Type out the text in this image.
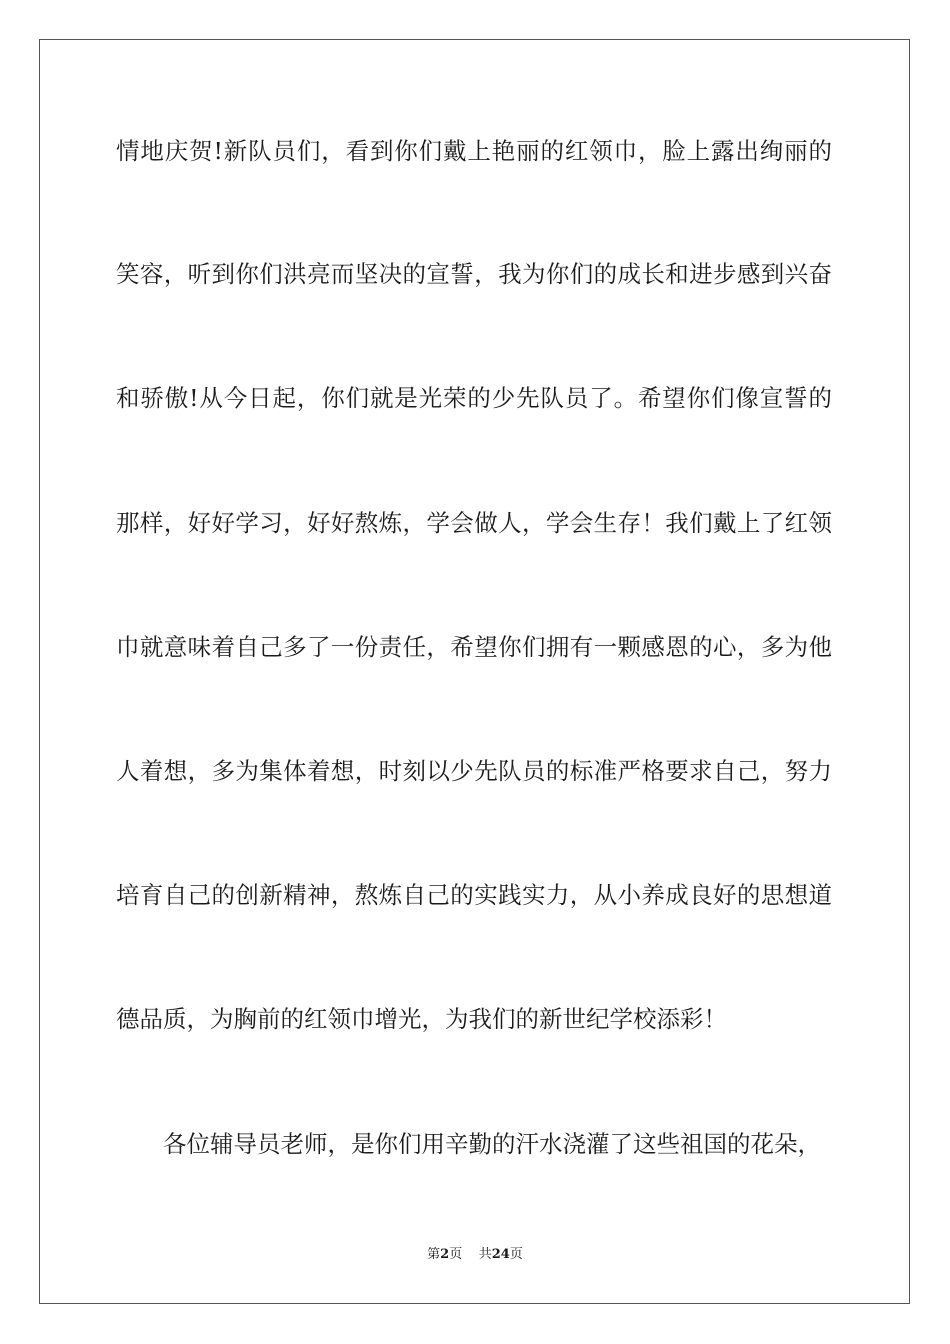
情地庆贺!新队员们，看到你们戴上艳丽的红领巾，脸上露出绚丽的
笑容，听到你们洪亮而坚决的宣誓，我为你们的成长和进步感到兴奋
和骄傲!从今日起，你们就是光荣的少先队员了。希望你们像宣誓的
那样，好好学习，好好熬炼，学会做人，学会生存！我们戴上了红领
巾就意味着自己多了一份责任，希望你们拥有一颗感恩的心，多为他
人着想，多为集体着想，时刻以少先队员的标准严格要求自己，努力
培育自己的创新精神，熬炼自己的实践实力，从小养成良好的思想道
德品质，为胸前的红领巾增光，为我们的新世纪学校添彩！
各位辅导员老师，是你们用辛勤的汗水浇灌了这些祖国的花朵，
第2页 共24页
